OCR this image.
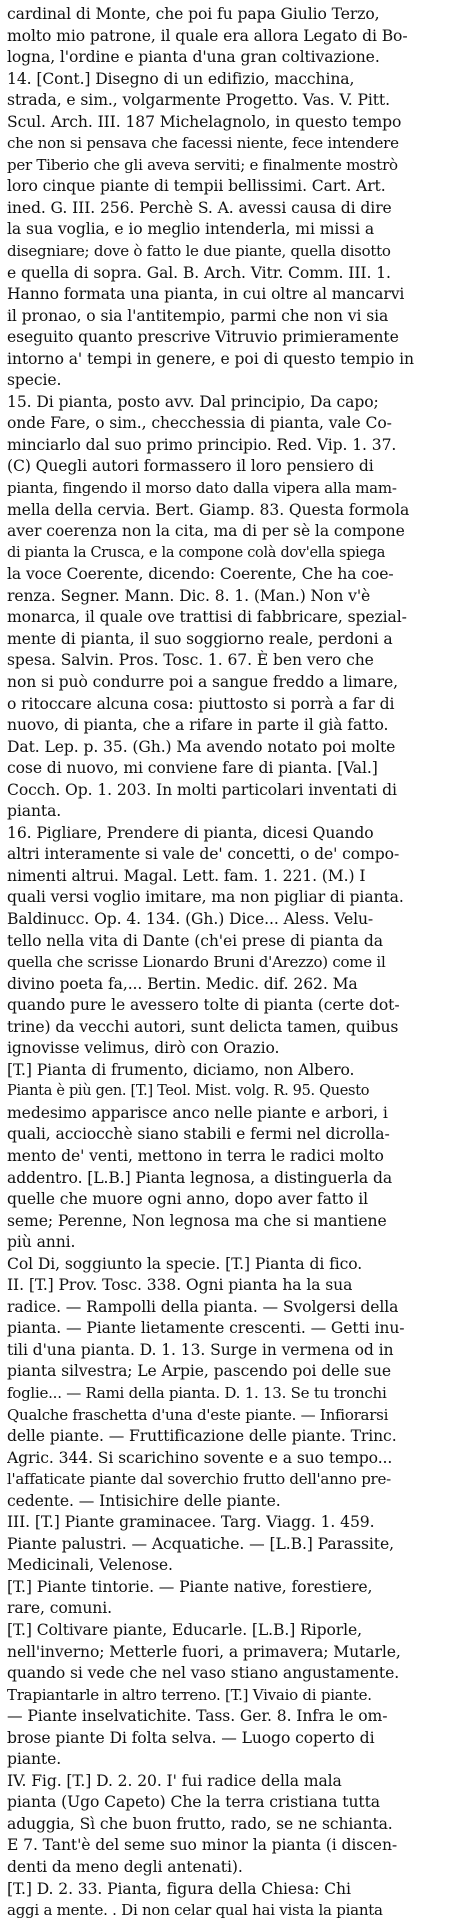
cardinal di Monte, che poi fu papa Giulio Terzo,
molto mio patrone, il quale era allora Legato di Bo-
logna, l'ordine e pianta d'una gran coltivazione.
14. [Cont.] Disegno di un edifizio, macchina,
strada, e sim., volgarmente Progetto. Vas. V. Pitt.
Scul. Arch. III. 187 Michelagnolo, in questo tempo
che non si pensava che facessi niente, fece intendere
per Tiberio che gli aveva serviti; e finalmente mostrò
loro cinque piante di tempii bellissimi. Cart. Art.
ined. G. III. 256. Perchè S. A. avessi causa di dire
la sua voglia, e io meglio intenderla, mi missi a
disegniare; dove ò fatto le due piante, quella disotto
e quella di sopra. Gal. B. Arch. Vitr. Comm. III. 1.
Hanno formata una pianta, in cui oltre al mancarvi
il pronao, o sia l'antitempio, parmi che non vi sia
eseguito quanto prescrive Vitruvio primieramente
intorno a' tempi in genere, e poi di questo tempio in
specie.
15. Di pianta, posto avv. Dal principio, Da capo;
onde Fare, o sim., checchessia di pianta, vale Co-
minciarlo dal suo primo principio. Red. Vip. 1. 37.
(C) Quegli autori formassero il loro pensiero di
pianta, fingendo il morso dato dalla vipera alla mam-
mella della cervia. Bert. Giamp. 83. Questa formola
aver coerenza non la cita, ma di per sè la compone
di pianta la Crusca, e la compone colà dov'ella spiega
la voce Coerente, dicendo: Coerente, Che ha coe-
renza. Segner. Mann. Dic. 8. 1. (Man.) Non v'è
monarca, il quale ove trattisi di fabbricare, spezial-
mente di pianta, il suo soggiorno reale, perdoni a
spesa. Salvin. Pros. Tosc. 1. 67. È ben vero che
non si può condurre poi a sangue freddo a limare,
o ritoccare alcuna cosa: piuttosto si porrà a far di
nuovo, di pianta, che a rifare in parte il già fatto.
Dat. Lep. p. 35. (Gh.) Ma avendo notato poi molte
cose di nuovo, mi conviene fare di pianta. [Val.]
Cocch. Op. 1. 203. In molti particolari inventati di
pianta.
16. Pigliare, Prendere di pianta, dicesi Quando
altri interamente si vale de' concetti, o de' compo-
nimenti altrui. Magal. Lett. fam. 1. 221. (M.) I
quali versi voglio imitare, ma non pigliar di pianta.
Baldinucc. Op. 4. 134. (Gh.) Dice... Aless. Velu-
tello nella vita di Dante (ch'ei prese di pianta da
quella che scrisse Lionardo Bruni d'Arezzo) come il
divino poeta fa,... Bertin. Medic. dif. 262. Ma
quando pure le avessero tolte di pianta (certe dot-
trine) da vecchi autori, sunt delicta tamen, quibus
ignovisse velimus, dirò con Orazio.
[T.] Pianta di frumento, diciamo, non Albero.
Pianta è più gen. [T.] Teol. Mist. volg. R. 95. Questo
medesimo apparisce anco nelle piante e arbori, i
quali, acciocchè siano stabili e fermi nel dicrolla-
mento de' venti, mettono in terra le radici molto
addentro. [L.B.] Pianta legnosa, a distinguerla da
quelle che muore ogni anno, dopo aver fatto il
seme; Perenne, Non legnosa ma che si mantiene
più anni.
Col Di, soggiunto la specie. [T.] Pianta di fico.
II. [T.] Prov. Tosc. 338. Ogni pianta ha la sua
radice. — Rampolli della pianta. — Svolgersi della
pianta. — Piante lietamente crescenti. — Getti inu-
tili d'una pianta. D. 1. 13. Surge in vermena od in
pianta silvestra; Le Arpie, pascendo poi delle sue
foglie... — Rami della pianta. D. 1. 13. Se tu tronchi
Qualche fraschetta d'una d'este piante. — Infiorarsi
delle piante. — Fruttificazione delle piante. Trinc.
Agric. 344. Si scarichino sovente e a suo tempo...
l'affaticate piante dal soverchio frutto dell'anno pre-
cedente. — Intisichire delle piante.
III. [T.] Piante graminacee. Targ. Viagg. 1. 459.
Piante palustri. — Acquatiche. — [L.B.] Parassite,
Medicinali, Velenose.
[T.] Piante tintorie. — Piante native, forestiere,
rare, comuni.
[T.] Coltivare piante, Educarle. [L.B.] Riporle,
nell'inverno; Metterle fuori, a primavera; Mutarle,
quando si vede che nel vaso stiano angustamente.
Trapiantarle in altro terreno. [T.] Vivaio di piante.
— Piante inselvatichite. Tass. Ger. 8. Infra le om-
brose piante Di folta selva. — Luogo coperto di
piante.
IV. Fig. [T.] D. 2. 20. I' fui radice della mala
pianta (Ugo Capeto) Che la terra cristiana tutta
aduggia, Sì che buon frutto, rado, se ne schianta.
E 7. Tant'è del seme suo minor la pianta (i discen-
denti da meno degli antenati).
[T.] D. 2. 33. Pianta, figura della Chiesa: Chi
aggi a mente. . Di non celar qual hai vista la pianta
